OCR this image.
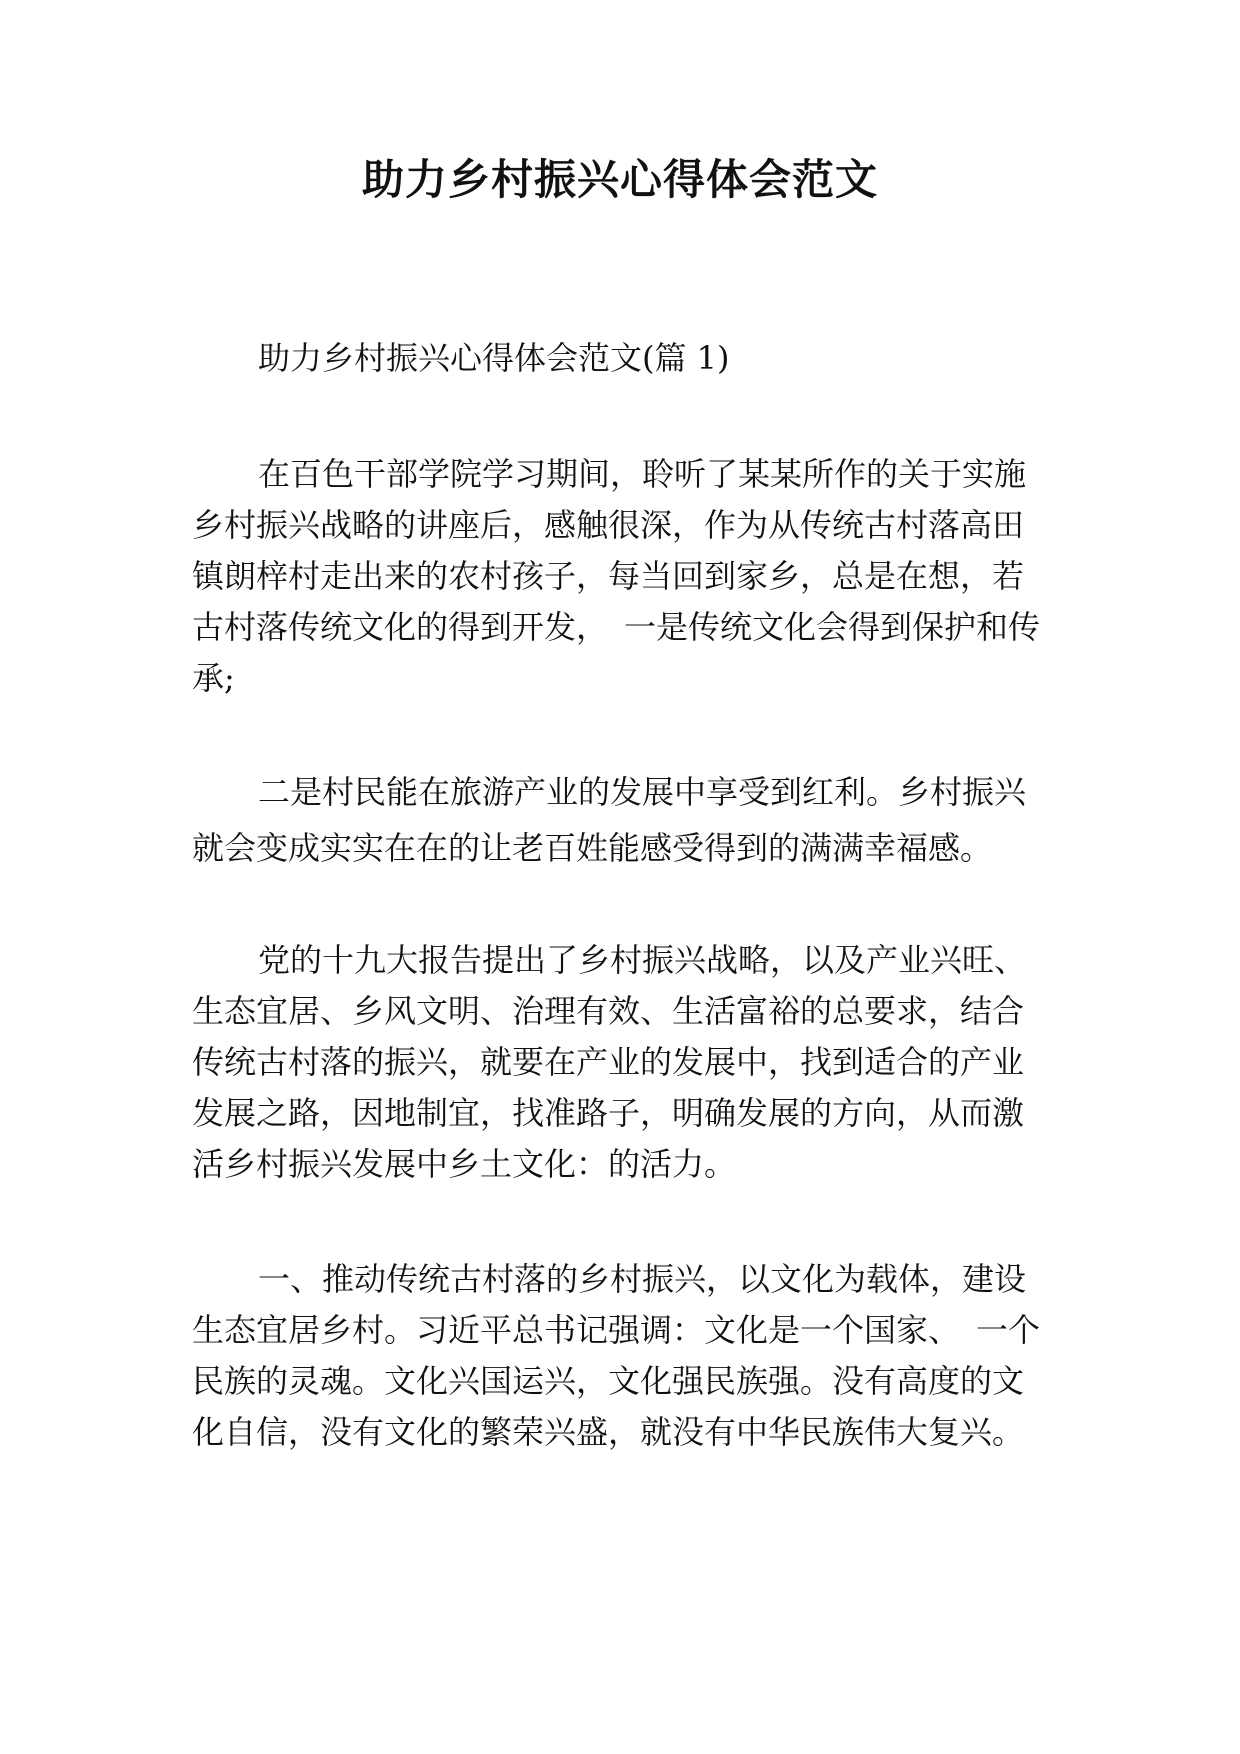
助力乡村振兴心得体会范文

助力乡村振兴心得体会范文(篇 1)

在百色干部学院学习期间，聆听了某某所作的关于实施
乡村振兴战略的讲座后，感触很深，作为从传统古村落高田
镇朗梓村走出来的农村孩子，每当回到家乡，总是在想，若
古村落传统文化的得到开发，　一是传统文化会得到保护和传
承;
二是村民能在旅游产业的发展中享受到红利。乡村振兴
就会变成实实在在的让老百姓能感受得到的满满幸福感。
党的十九大报告提出了乡村振兴战略，以及产业兴旺、
生态宜居、乡风文明、治理有效、生活富裕的总要求，结合
传统古村落的振兴，就要在产业的发展中，找到适合的产业
发展之路，因地制宜，找准路子，明确发展的方向，从而激
活乡村振兴发展中乡土文化：的活力。
一、推动传统古村落的乡村振兴，以文化为载体，建设
生态宜居乡村。习近平总书记强调：文化是一个国家、　一个
民族的灵魂。文化兴国运兴，文化强民族强。没有高度的文
化自信，没有文化的繁荣兴盛，就没有中华民族伟大复兴。
